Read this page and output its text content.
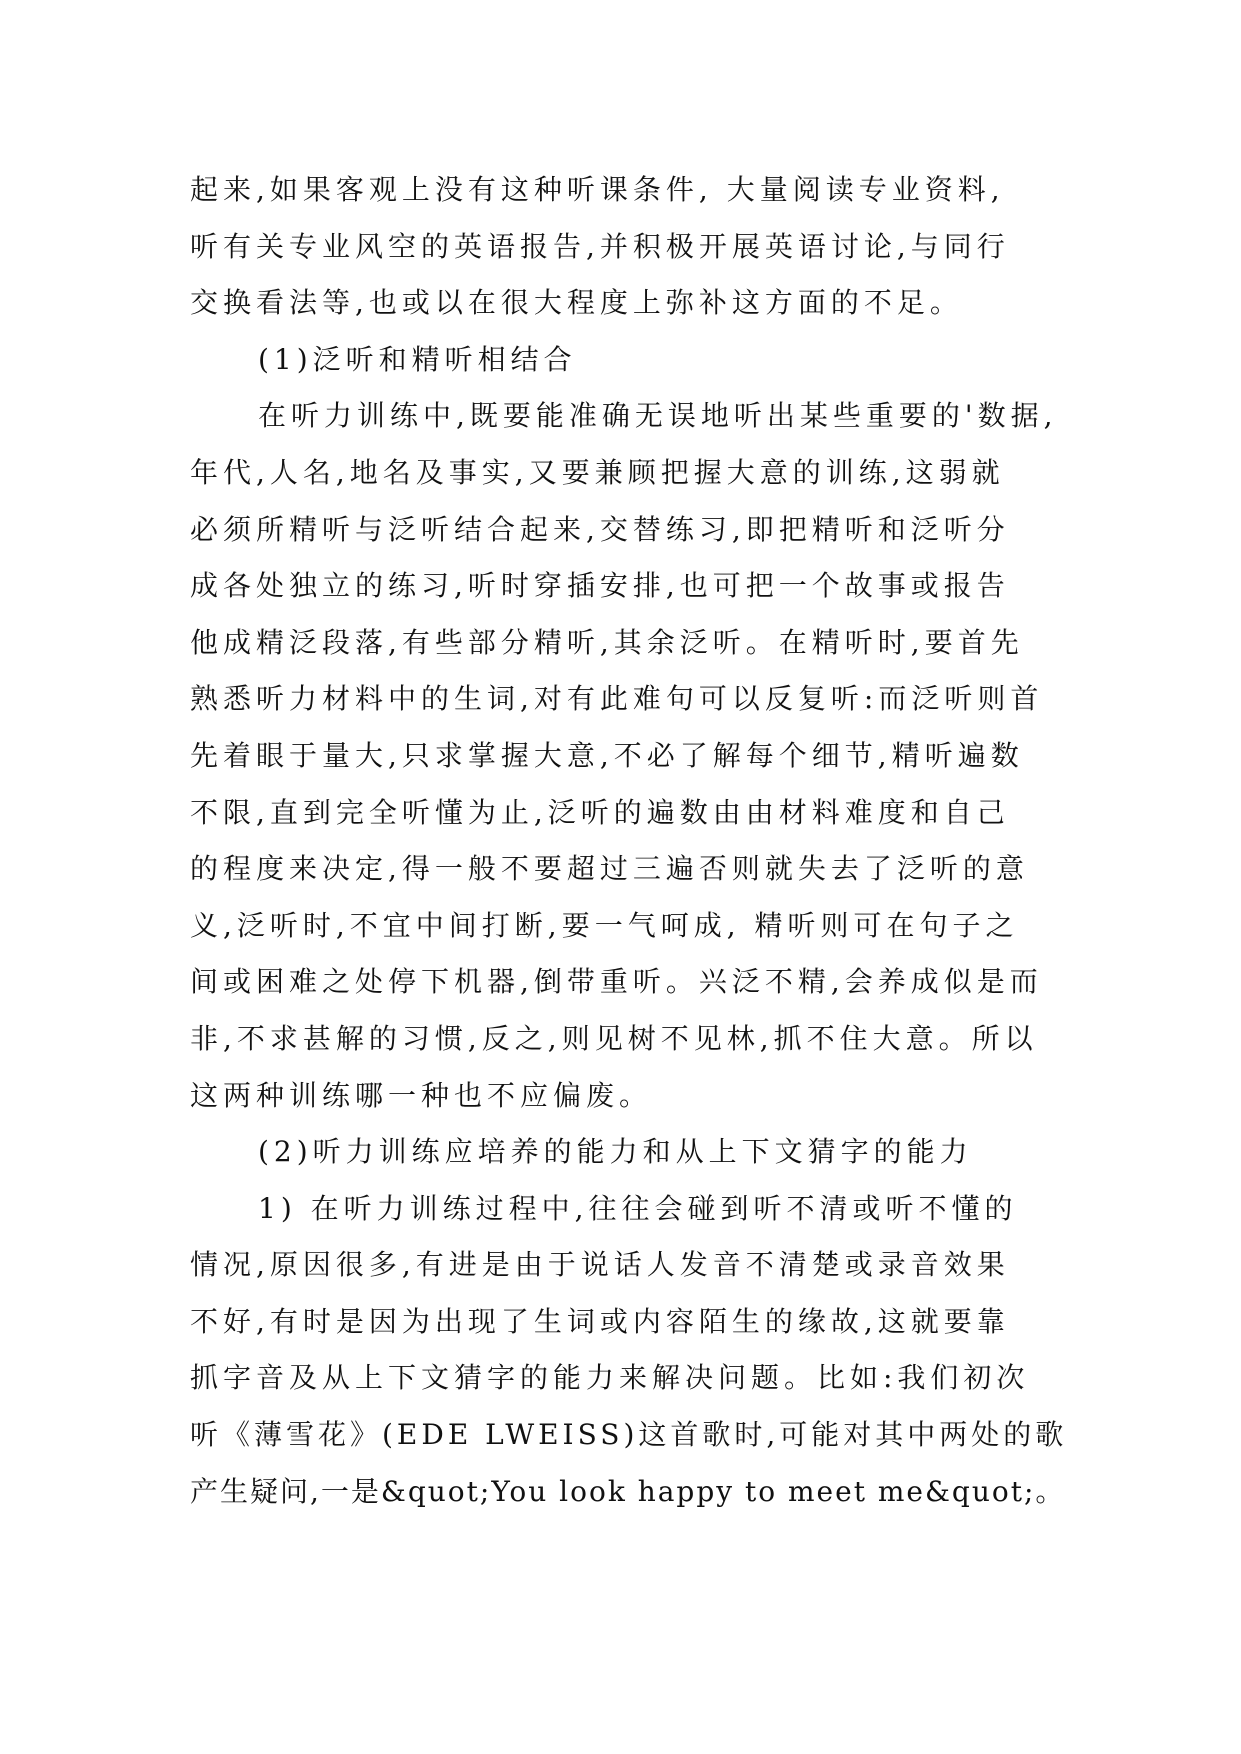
起来,如果客观上没有这种听课条件, 大量阅读专业资料,
听有关专业风空的英语报告,并积极开展英语讨论,与同行
交换看法等,也或以在很大程度上弥补这方面的不足。
(1)泛听和精听相结合
在听力训练中,既要能准确无误地听出某些重要的'数据,
年代,人名,地名及事实,又要兼顾把握大意的训练,这弱就
必须所精听与泛听结合起来,交替练习,即把精听和泛听分
成各处独立的练习,听时穿插安排,也可把一个故事或报告
他成精泛段落,有些部分精听,其余泛听。在精听时,要首先
熟悉听力材料中的生词,对有此难句可以反复听:而泛听则首
先着眼于量大,只求掌握大意,不必了解每个细节,精听遍数
不限,直到完全听懂为止,泛听的遍数由由材料难度和自己
的程度来决定,得一般不要超过三遍否则就失去了泛听的意
义,泛听时,不宜中间打断,要一气呵成, 精听则可在句子之
间或困难之处停下机器,倒带重听。兴泛不精,会养成似是而
非,不求甚解的习惯,反之,则见树不见林,抓不住大意。所以
这两种训练哪一种也不应偏废。
(2)听力训练应培养的能力和从上下文猜字的能力
1) 在听力训练过程中,往往会碰到听不清或听不懂的
情况,原因很多,有进是由于说话人发音不清楚或录音效果
不好,有时是因为出现了生词或内容陌生的缘故,这就要靠
抓字音及从上下文猜字的能力来解决问题。比如:我们初次
听《薄雪花》(EDE LWEISS)这首歌时,可能对其中两处的歌
产生疑问,一是&quot;You look happy to meet me&quot;。
